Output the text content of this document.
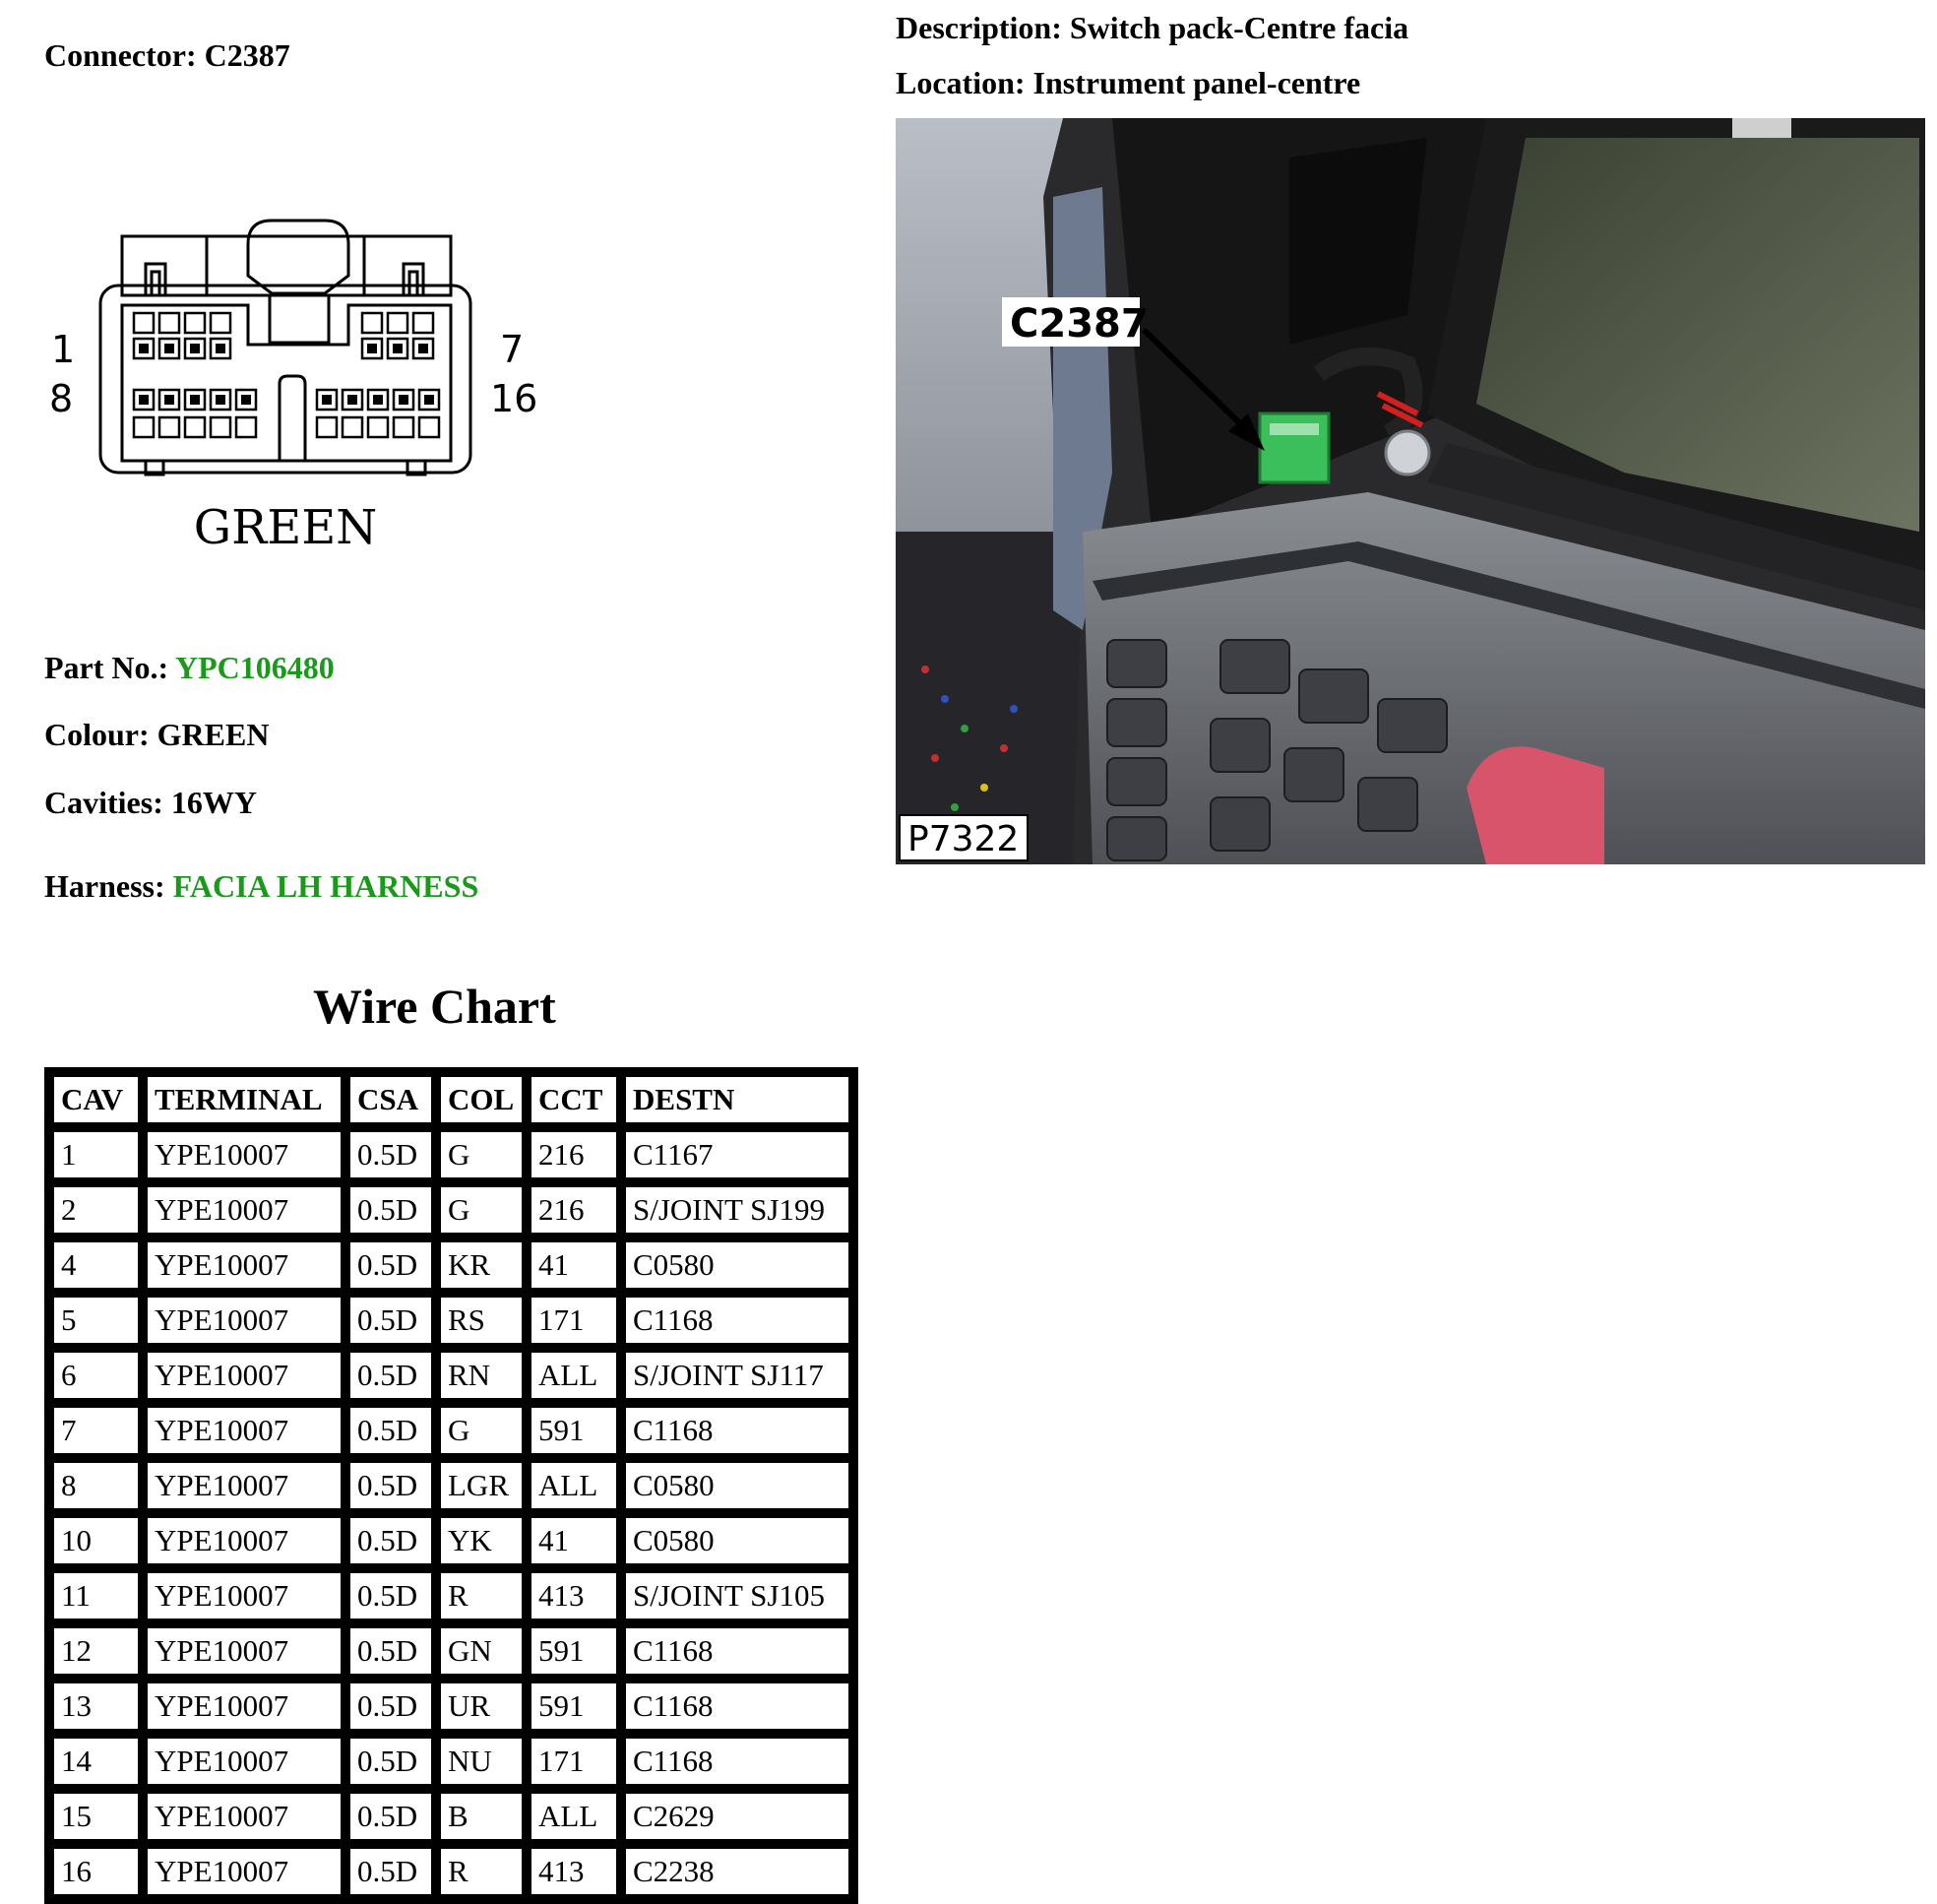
Connector: C2387
Description: Switch pack-Centre facia
Location: Instrument panel-centre
1
8
7
16
GREEN
C2387
P7322
Part No.: YPC106480
Colour: GREEN
Cavities: 16WY
Harness: FACIA LH HARNESS
Wire Chart
CAV	TERMINAL	CSA	COL	CCT	DESTN
1	YPE10007	0.5D	G	216	C1167
2	YPE10007	0.5D	G	216	S/JOINT SJ199
4	YPE10007	0.5D	KR	41	C0580
5	YPE10007	0.5D	RS	171	C1168
6	YPE10007	0.5D	RN	ALL	S/JOINT SJ117
7	YPE10007	0.5D	G	591	C1168
8	YPE10007	0.5D	LGR	ALL	C0580
10	YPE10007	0.5D	YK	41	C0580
11	YPE10007	0.5D	R	413	S/JOINT SJ105
12	YPE10007	0.5D	GN	591	C1168
13	YPE10007	0.5D	UR	591	C1168
14	YPE10007	0.5D	NU	171	C1168
15	YPE10007	0.5D	B	ALL	C2629
16	YPE10007	0.5D	R	413	C2238
